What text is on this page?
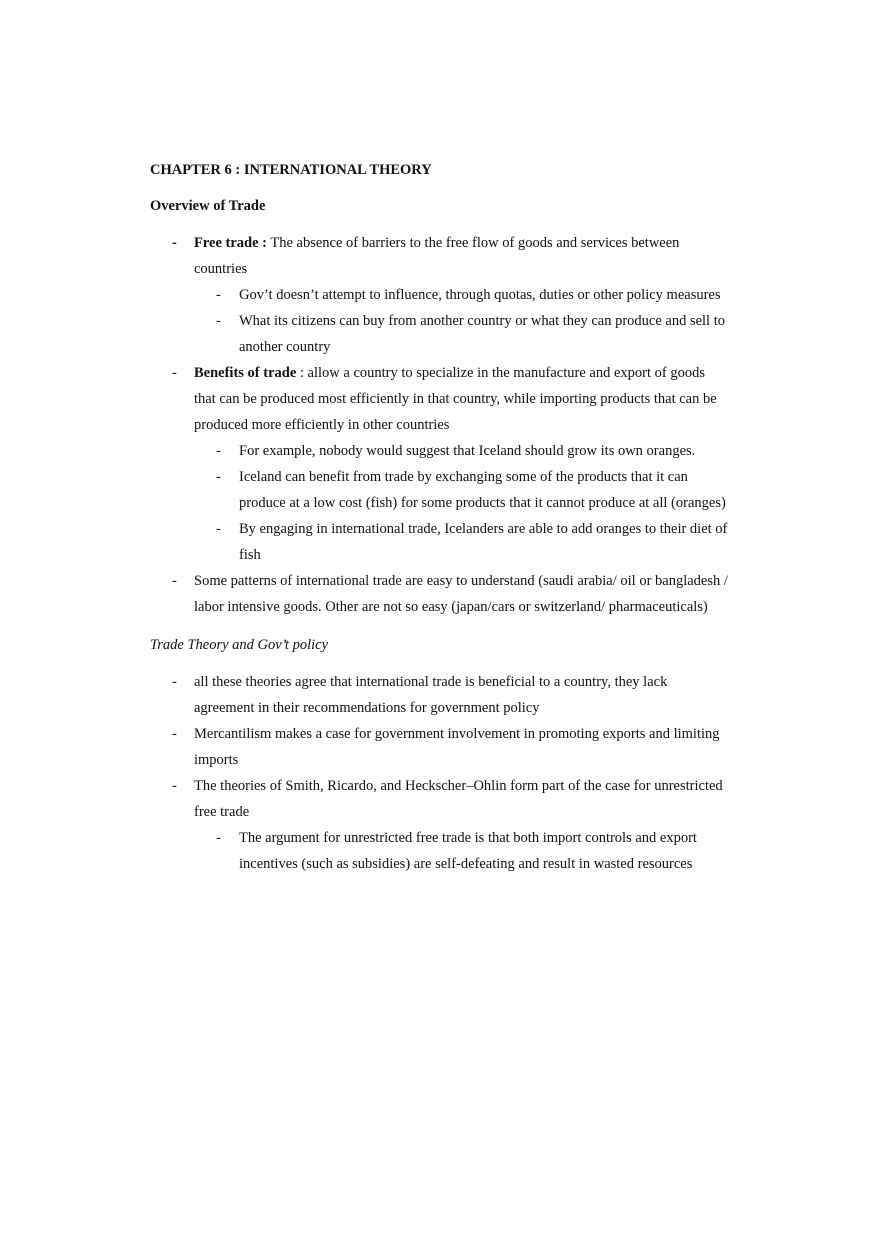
CHAPTER 6 : INTERNATIONAL THEORY
Overview of Trade
- Free trade : The absence of barriers to the free flow of goods and services between countries
- Gov’t doesn’t attempt to influence, through quotas, duties or other policy measures
- What its citizens can buy from another country or what they can produce and sell to another country
- Benefits of trade : allow a country to specialize in the manufacture and export of goods that can be produced most efficiently in that country, while importing products that can be produced more efficiently in other countries
- For example, nobody would suggest that Iceland should grow its own oranges.
- Iceland can benefit from trade by exchanging some of the products that it can produce at a low cost (fish) for some products that it cannot produce at all (oranges)
- By engaging in international trade, Icelanders are able to add oranges to their diet of fish
- Some patterns of international trade are easy to understand (saudi arabia/ oil or bangladesh / labor intensive goods. Other are not so easy (japan/cars or switzerland/ pharmaceuticals)
Trade Theory and Gov’t policy
- all these theories agree that international trade is beneficial to a country, they lack agreement in their recommendations for government policy
- Mercantilism makes a case for government involvement in promoting exports and limiting imports
- The theories of Smith, Ricardo, and Heckscher–Ohlin form part of the case for unrestricted free trade
- The argument for unrestricted free trade is that both import controls and export incentives (such as subsidies) are self-defeating and result in wasted resources
